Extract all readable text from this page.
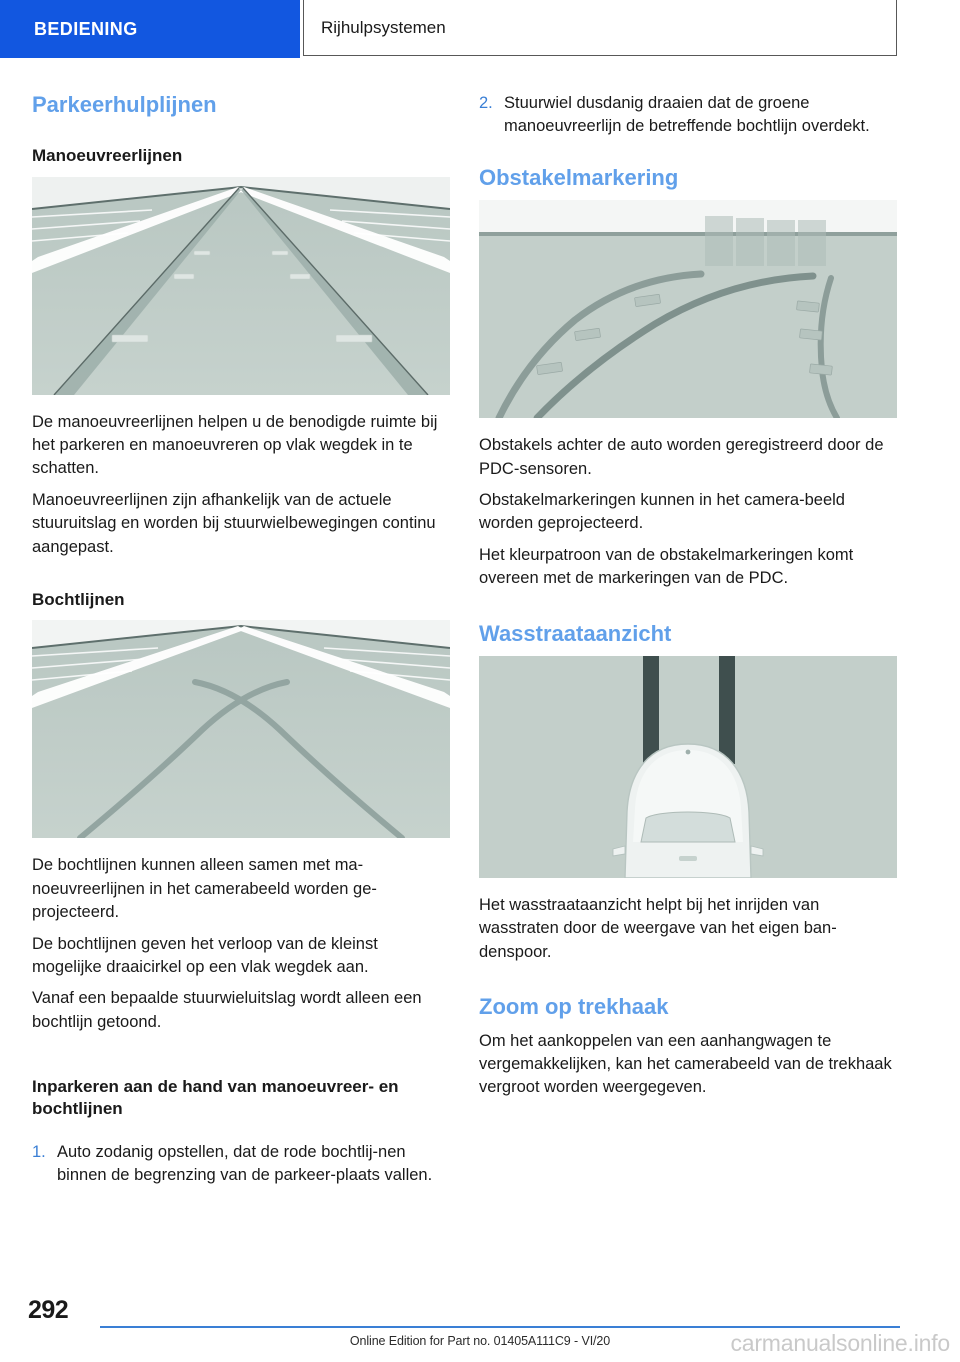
BEDIENING	Rijhulpsystemen
Parkeerhulplijnen
Manoeuvreerlijnen

De manoeuvreerlijnen helpen u de benodigde ruimte bij het parkeren en manoeuvreren op vlak wegdek in te schatten.

Manoeuvreerlijnen zijn afhankelijk van de actuele stuuruitslag en worden bij stuurwielbewegingen continu aangepast.

Bochtlijnen

De bochtlijnen kunnen alleen samen met ma-noeuvreerlijnen in het camerabeeld worden ge-projecteerd.

De bochtlijnen geven het verloop van de kleinst mogelijke draaicirkel op een vlak wegdek aan.

Vanaf een bepaalde stuurwieluitslag wordt alleen een bochtlijn getoond.

Inparkeren aan de hand van manoeuvreer- en bochtlijnen
1. Auto zodanig opstellen, dat de rode bochtlij-nen binnen de begrenzing van de parkeer-plaats vallen.
2. Stuurwiel dusdanig draaien dat de groene manoeuvreerlijn de betreffende bochtlijn overdekt.
Obstakelmarkering

Obstakels achter de auto worden geregistreerd door de PDC-sensoren.

Obstakelmarkeringen kunnen in het camera-beeld worden geprojecteerd.

Het kleurpatroon van de obstakelmarkeringen komt overeen met de markeringen van de PDC.

Wasstraataanzicht

Het wasstraataanzicht helpt bij het inrijden van wasstraten door de weergave van het eigen ban-denspoor.

Zoom op trekhaak

Om het aankoppelen van een aanhangwagen te vergemakkelijken, kan het camerabeeld van de trekhaak vergroot worden weergegeven.

292
Online Edition for Part no. 01405A111C9 - VI/20	carmanualsonline.info
